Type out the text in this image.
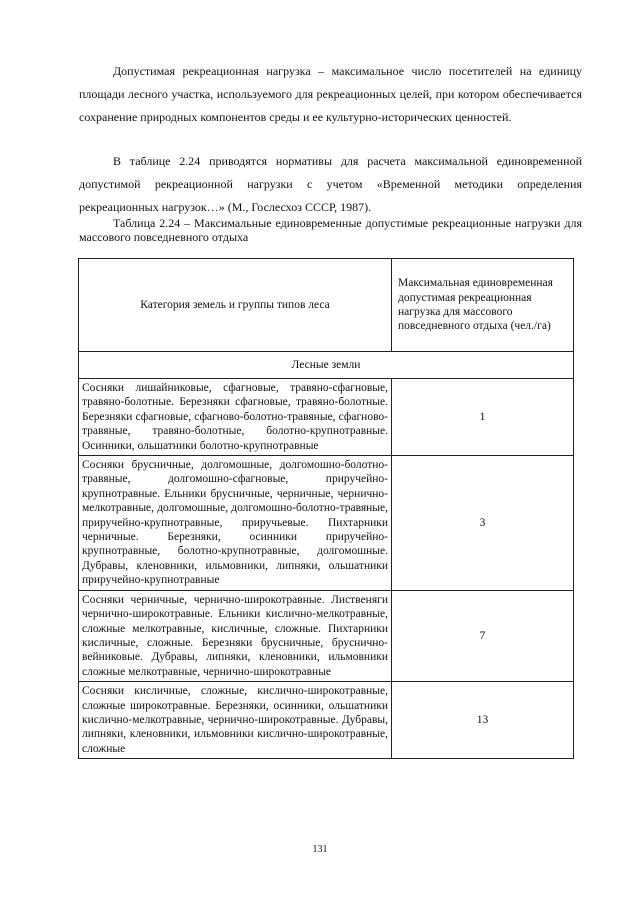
Допустимая рекреационная нагрузка – максимальное число посетителей на единицу площади лесного участка, используемого для рекреационных целей, при котором обеспечивается сохранение природных компонентов среды и ее культурно-исторических ценностей.

В таблице 2.24 приводятся нормативы для расчета максимальной единовременной допустимой рекреационной нагрузки с учетом «Временной методики определения рекреационных нагрузок…» (М., Гослесхоз СССР, 1987).

Таблица 2.24 – Максимальные единовременные допустимые рекреационные нагрузки для массового повседневного отдыха

Категория земель и группы типов леса	Максимальная единовременная допустимая рекреационная нагрузка для массового повседневного отдыха (чел./га)
Лесные земли	
Сосняки лишайниковые, сфагновые, травяно-сфагновые, травяно-болотные. Березняки сфагновые, травяно-болотные. Березняки сфагновые, сфагново-болотно-травяные, сфагново-травяные, травяно-болотные, болотно-крупнотравные. Осинники, ольшатники болотно-крупнотравные	1
Сосняки брусничные, долгомошные, долгомошно-болотно-травяные, долгомошно-сфагновые, приручейно-крупнотравные. Ельники брусничные, черничные, чернично-мелкотравные, долгомошные, долгомошно-болотно-травяные, приручейно-крупнотравные, приручьевые. Пихтарники черничные. Березняки, осинники приручейно-крупнотравные, болотно-крупнотравные, долгомошные. Дубравы, кленовники, ильмовники, липняки, ольшатники приручейно-крупнотравные	3
Сосняки черничные, чернично-широкотравные. Лиственяги чернично-широкотравные. Ельники кислично-мелкотравные, сложные мелкотравные, кисличные, сложные. Пихтарники кисличные, сложные. Березняки брусничные, бруснично-вейниковые. Дубравы, липняки, кленовники, ильмовники сложные мелкотравные, чернично-широкотравные	7
Сосняки кисличные, сложные, кислично-широкотравные, сложные широкотравные. Березняки, осинники, ольшатники кислично-мелкотравные, чернично-широкотравные. Дубравы, липняки, кленовники, ильмовники кислично-широкотравные, сложные	13
131
